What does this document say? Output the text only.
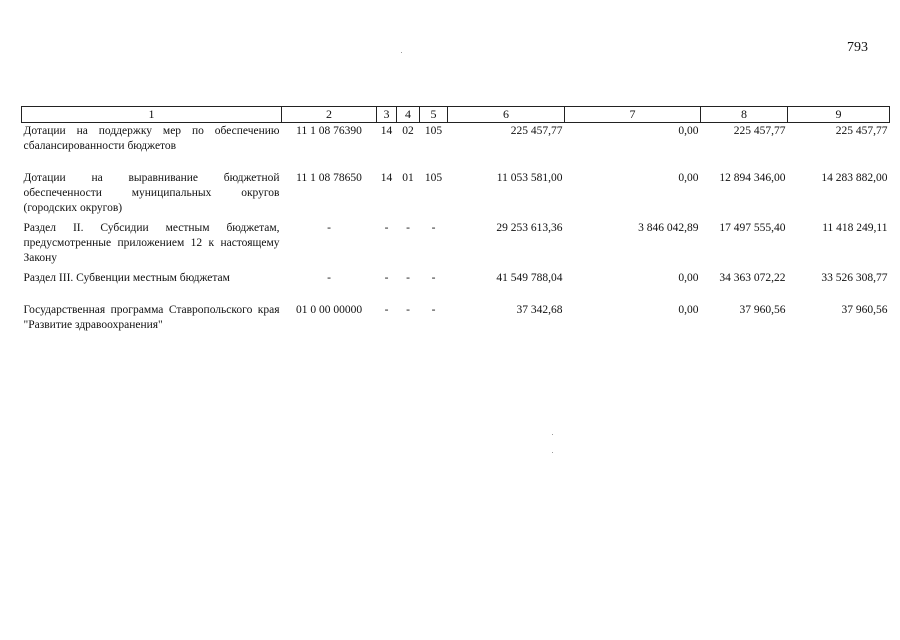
793
1	2	3	4	5	6	7	8	9
Дотации на поддержку мер по обеспечению сбалансированности бюджетов	11 1 08 76390	14	02	105	225 457,77	0,00	225 457,77	225 457,77
Дотации на выравнивание бюджетной обеспеченности муниципальных округов (городских округов)	11 1 08 78650	14	01	105	11 053 581,00	0,00	12 894 346,00	14 283 882,00
Раздел II. Субсидии местным бюджетам, предусмотренные приложением 12 к настоящему Закону	-	-	-	-	29 253 613,36	3 846 042,89	17 497 555,40	11 418 249,11
Раздел III. Субвенции местным бюджетам	-	-	-	-	41 549 788,04	0,00	34 363 072,22	33 526 308,77
Государственная программа Ставропольского края "Развитие здравоохранения"	01 0 00 00000	-	-	-	37 342,68	0,00	37 960,56	37 960,56
